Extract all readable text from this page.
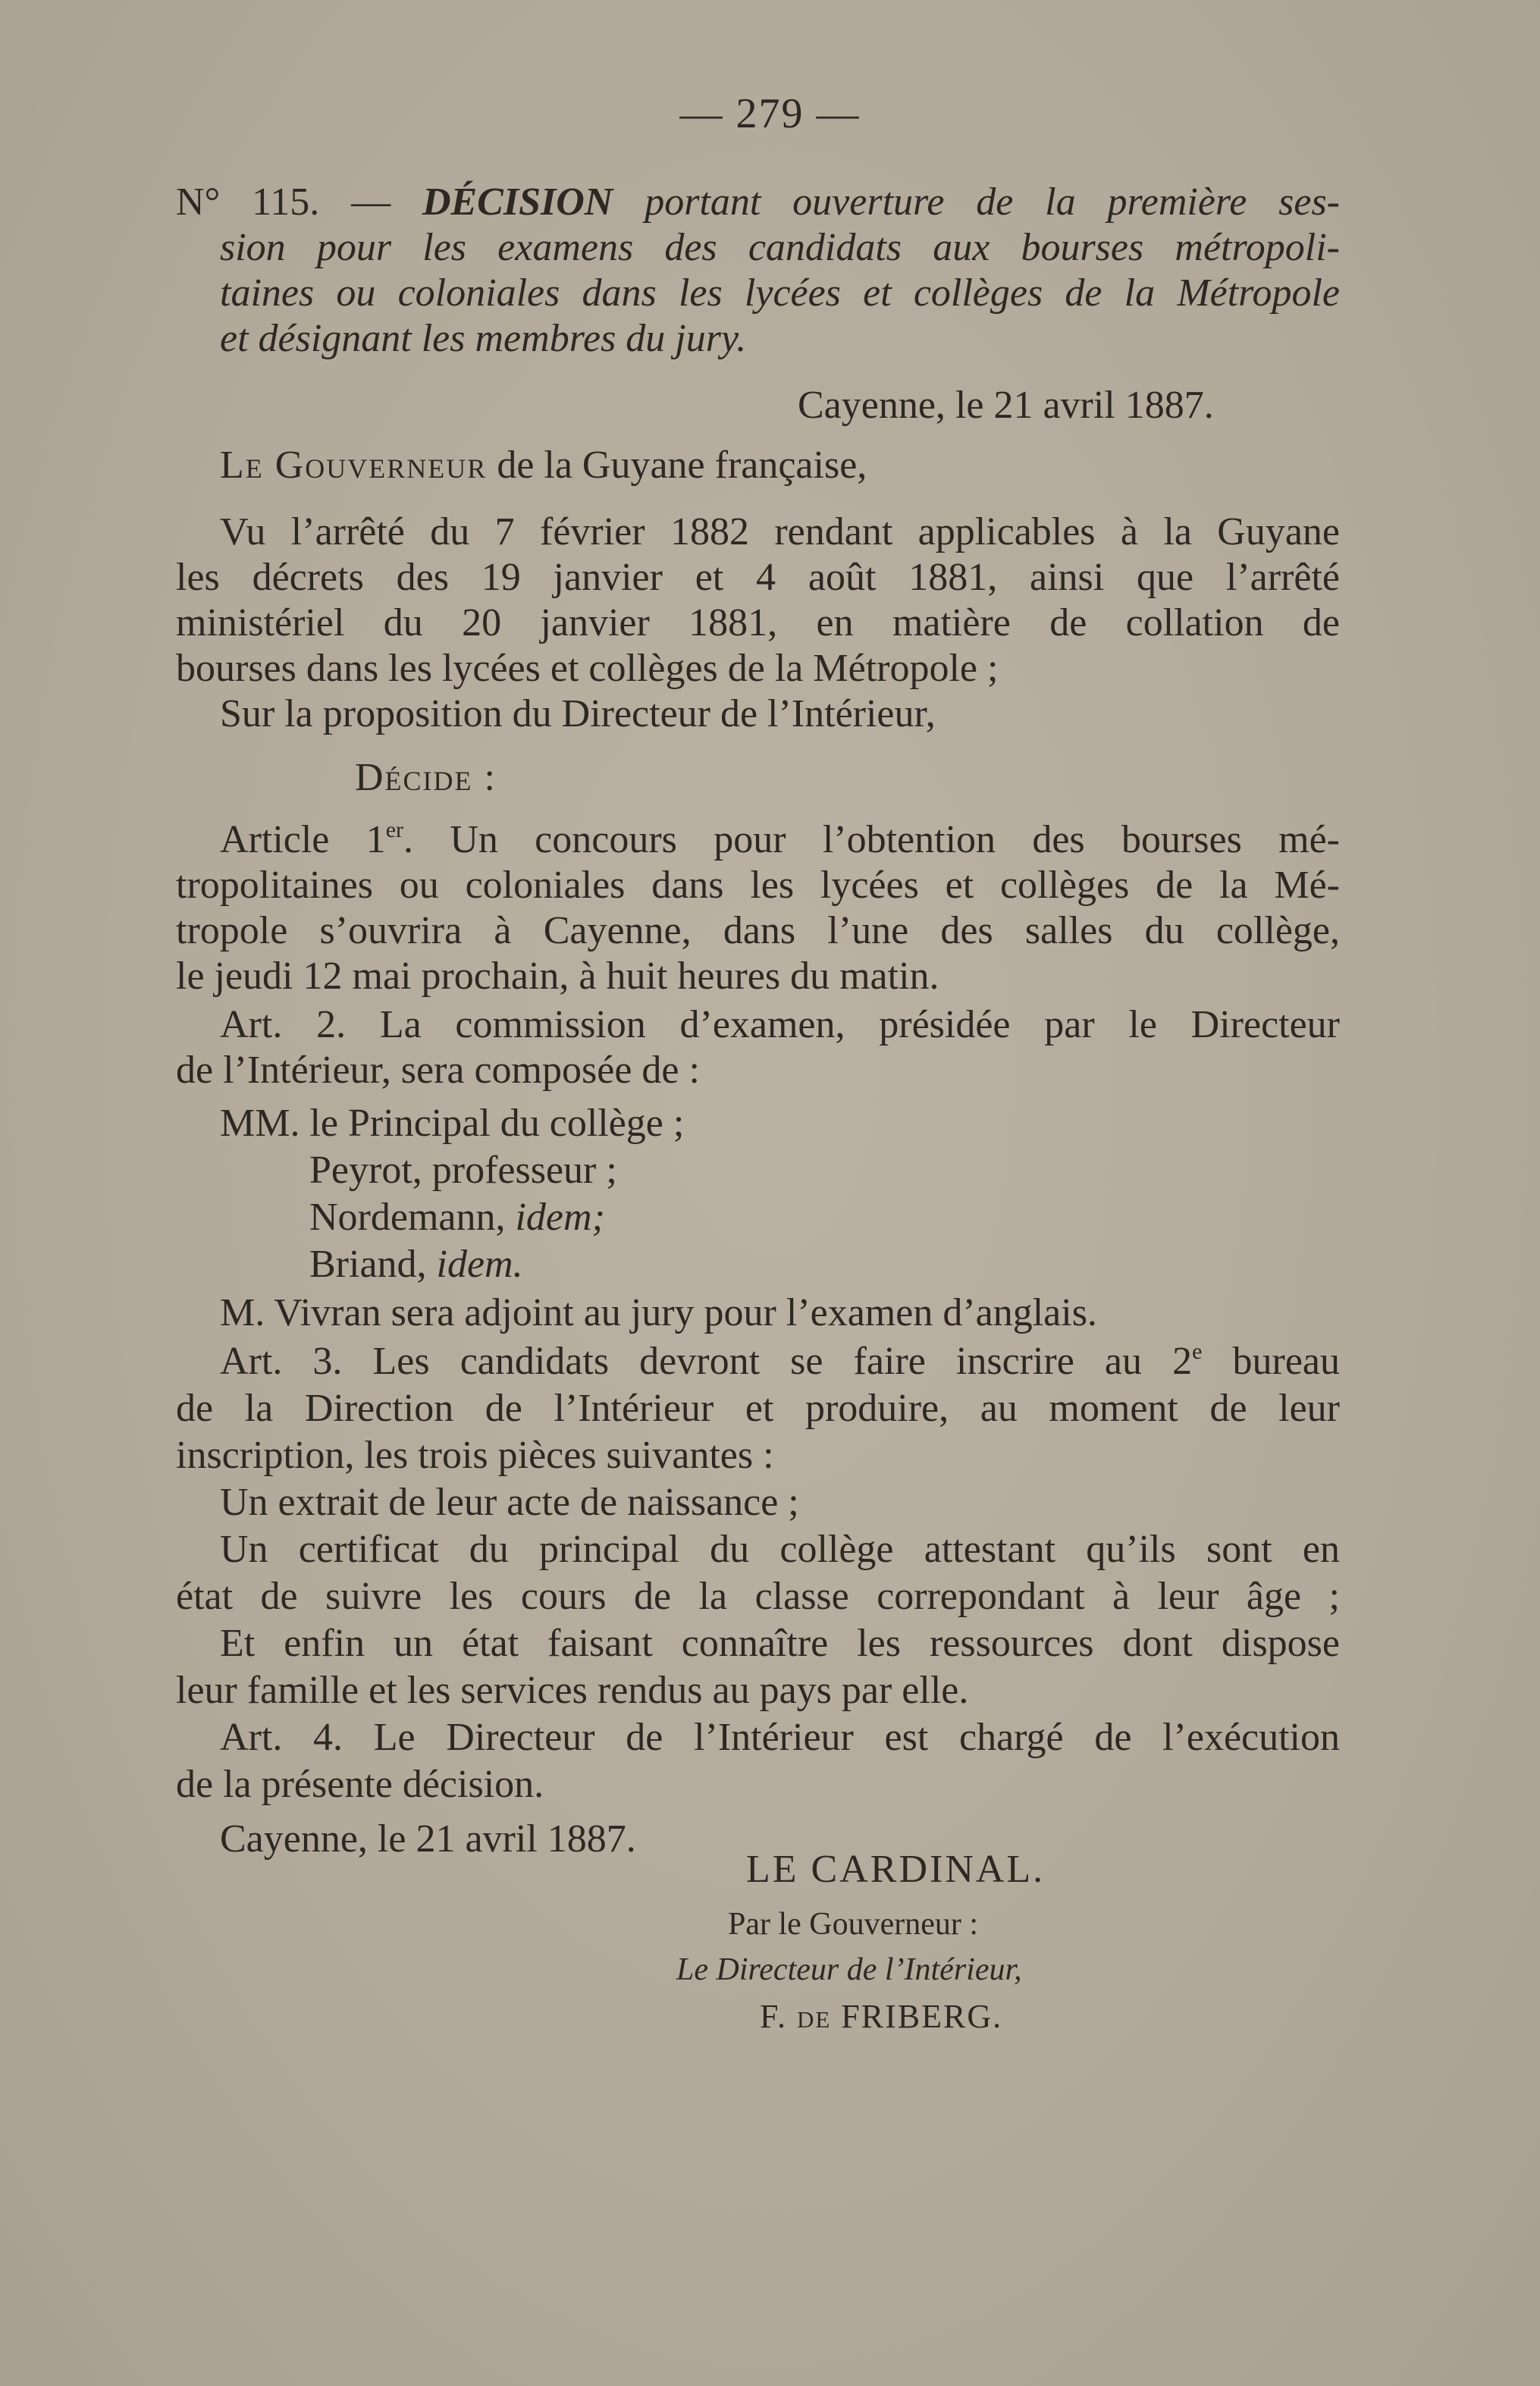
— 279 —
N° 115. — DÉCISION portant ouverture de la première ses-
sion pour les examens des candidats aux bourses métropoli-
taines ou coloniales dans les lycées et collèges de la Métropole
et désignant les membres du jury.
Cayenne, le 21 avril 1887.
Le Gouverneur de la Guyane française,
Vu l’arrêté du 7 février 1882 rendant applicables à la Guyane
les décrets des 19 janvier et 4 août 1881, ainsi que l’arrêté
ministériel du 20 janvier 1881, en matière de collation de
bourses dans les lycées et collèges de la Métropole ;
Sur la proposition du Directeur de l’Intérieur,
Décide :
Article 1er. Un concours pour l’obtention des bourses mé-
tropolitaines ou coloniales dans les lycées et collèges de la Mé-
tropole s’ouvrira à Cayenne, dans l’une des salles du collège,
le jeudi 12 mai prochain, à huit heures du matin.
Art. 2. La commission d’examen, présidée par le Directeur
de l’Intérieur, sera composée de :
MM. le Principal du collège ;
Peyrot, professeur ;
Nordemann, idem;
Briand, idem.
M. Vivran sera adjoint au jury pour l’examen d’anglais.
Art. 3. Les candidats devront se faire inscrire au 2e bureau
de la Direction de l’Intérieur et produire, au moment de leur
inscription, les trois pièces suivantes :
Un extrait de leur acte de naissance ;
Un certificat du principal du collège attestant qu’ils sont en
état de suivre les cours de la classe correpondant à leur âge ;
Et enfin un état faisant connaître les ressources dont dispose
leur famille et les services rendus au pays par elle.
Art. 4. Le Directeur de l’Intérieur est chargé de l’exécution
de la présente décision.
Cayenne, le 21 avril 1887.
LE CARDINAL.
Par le Gouverneur :
Le Directeur de l’Intérieur,
F. de FRIBERG.
